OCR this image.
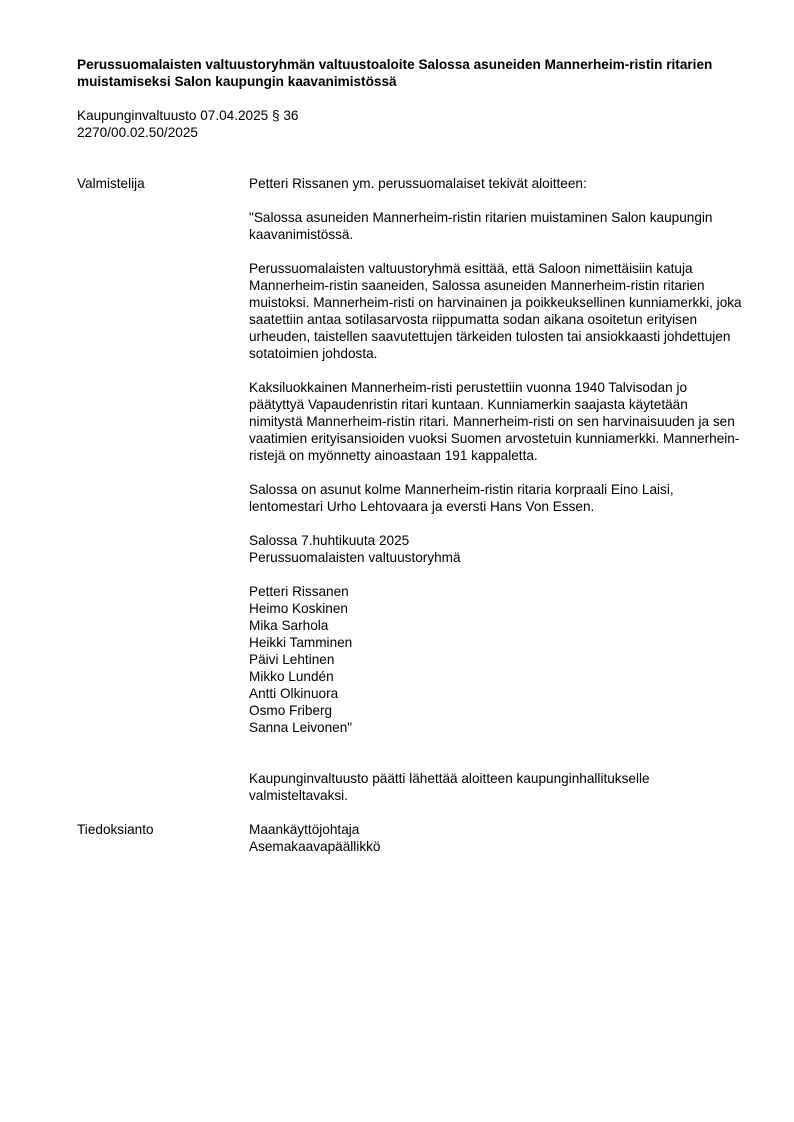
Perussuomalaisten valtuustoryhmän valtuustoaloite Salossa asuneiden Mannerheim-ristin ritarien muistamiseksi Salon kaupungin kaavanimistössä
Kaupunginvaltuusto 07.04.2025 § 36
2270/00.02.50/2025
Valmistelija	Petteri Rissanen ym. perussuomalaiset tekivät aloitteen:

"Salossa asuneiden Mannerheim-ristin ritarien muistaminen Salon kaupungin kaavanimistössä.

Perussuomalaisten valtuustoryhmä esittää, että Saloon nimettäisiin katuja Mannerheim-ristin saaneiden, Salossa asuneiden Mannerheim-ristin ritarien muistoksi. Mannerheim-risti on harvinainen ja poikkeuksellinen kunniamerkki, joka saatettiin antaa sotilasarvosta riippumatta sodan aikana osoitetun erityisen urheuden, taistellen saavutettujen tärkeiden tulosten tai ansiokkaasti johdettujen sotatoimien johdosta.

Kaksiluokkainen Mannerheim-risti perustettiin vuonna 1940 Talvisodan jo päätyttyä Vapaudenristin ritari kuntaan. Kunniamerkin saajasta käytetään nimitystä Mannerheim-ristin ritari. Mannerheim-risti on sen harvinaisuuden ja sen vaatimien erityisansioiden vuoksi Suomen arvostetuin kunniamerkki. Mannerhein-ristejä on myönnetty ainoastaan 191 kappaletta.

Salossa on asunut kolme Mannerheim-ristin ritaria korpraali Eino Laisi, lentomestari Urho Lehtovaara ja eversti Hans Von Essen.

Salossa 7.huhtikuuta 2025
Perussuomalaisten valtuustoryhmä

Petteri Rissanen
Heimo Koskinen
Mika Sarhola
Heikki Tamminen
Päivi Lehtinen
Mikko Lundén
Antti Olkinuora
Osmo Friberg
Sanna Leivonen"

Kaupunginvaltuusto päätti lähettää aloitteen kaupunginhallitukselle valmisteltavaksi.

Tiedoksianto	Maankäyttöjohtaja
Asemakaavapäällikkö
